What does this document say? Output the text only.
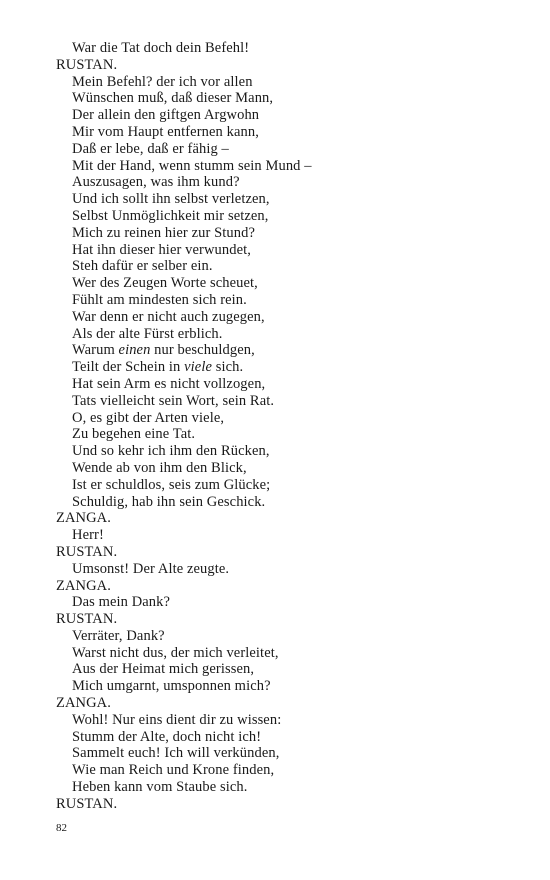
War die Tat doch dein Befehl!
RUSTAN.
Mein Befehl? der ich vor allen
Wünschen muß, daß dieser Mann,
Der allein den giftgen Argwohn
Mir vom Haupt entfernen kann,
Daß er lebe, daß er fähig –
Mit der Hand, wenn stumm sein Mund –
Auszusagen, was ihm kund?
Und ich sollt ihn selbst verletzen,
Selbst Unmöglichkeit mir setzen,
Mich zu reinen hier zur Stund?
Hat ihn dieser hier verwundet,
Steh dafür er selber ein.
Wer des Zeugen Worte scheuet,
Fühlt am mindesten sich rein.
War denn er nicht auch zugegen,
Als der alte Fürst erblich.
Warum einen nur beschuldgen,
Teilt der Schein in viele sich.
Hat sein Arm es nicht vollzogen,
Tats vielleicht sein Wort, sein Rat.
O, es gibt der Arten viele,
Zu begehen eine Tat.
Und so kehr ich ihm den Rücken,
Wende ab von ihm den Blick,
Ist er schuldlos, seis zum Glücke;
Schuldig, hab ihn sein Geschick.
ZANGA.
Herr!
RUSTAN.
Umsonst! Der Alte zeugte.
ZANGA.
Das mein Dank?
RUSTAN.
Verräter, Dank?
Warst nicht dus, der mich verleitet,
Aus der Heimat mich gerissen,
Mich umgarnt, umsponnen mich?
ZANGA.
Wohl! Nur eins dient dir zu wissen:
Stumm der Alte, doch nicht ich!
Sammelt euch! Ich will verkünden,
Wie man Reich und Krone finden,
Heben kann vom Staube sich.
RUSTAN.
82
